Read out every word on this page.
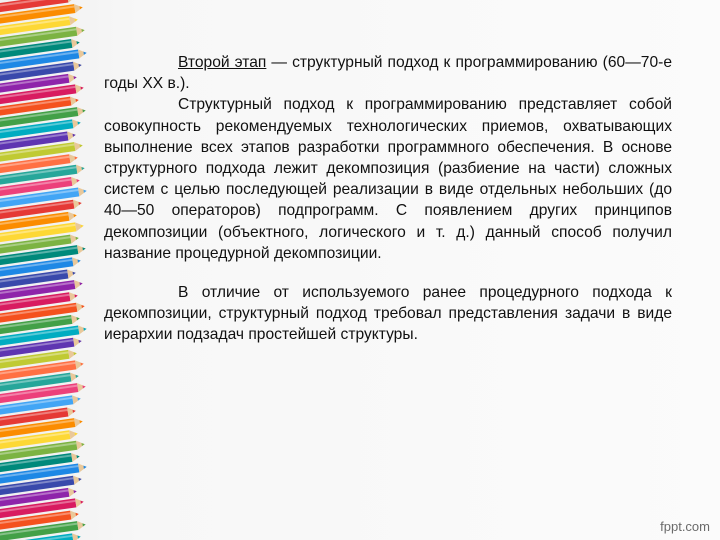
Второй этап — структурный подход к программированию (60—70-е годы XX в.).

Структурный подход к программированию представляет собой совокупность рекомендуемых технологических приемов, охватывающих выполнение всех этапов разработки программного обеспечения. В основе структурного подхода лежит декомпозиция (разбиение на части) сложных систем с целью последующей реализации в виде отдельных небольших (до 40—50 операторов) подпрограмм. С появлением других принципов декомпозиции (объектного, логического и т. д.) данный способ получил название процедурной декомпозиции.

В отличие от используемого ранее процедурного подхода к декомпозиции, структурный подход требовал представления задачи в виде иерархии подзадач простейшей структуры.

fppt.com
